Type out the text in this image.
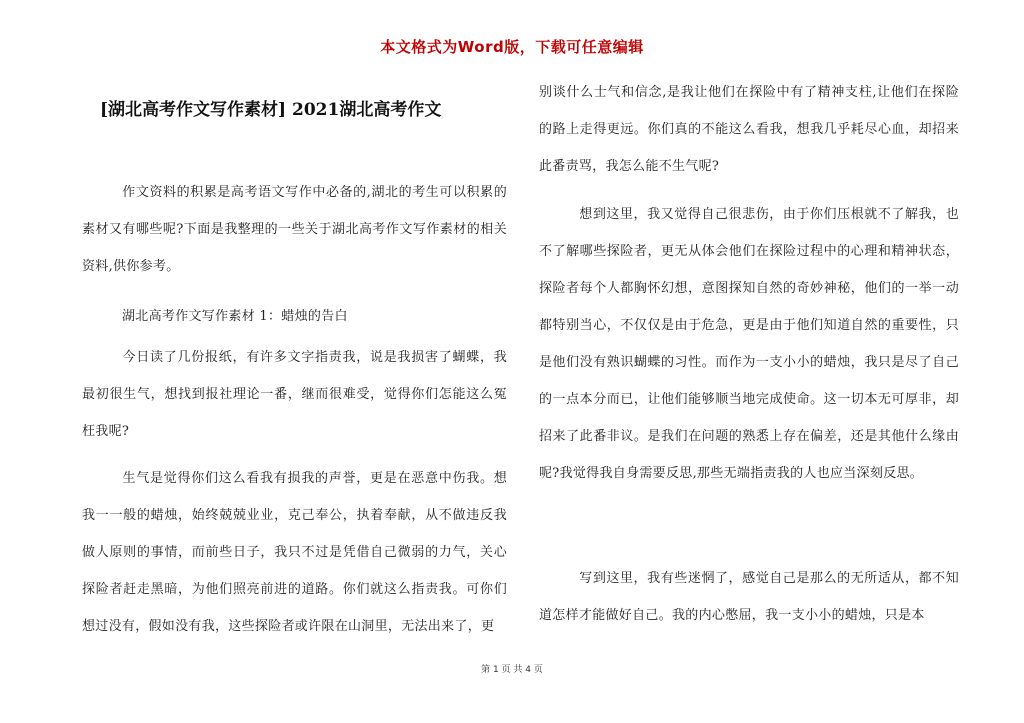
本文格式为Word版，下载可任意编辑
[湖北高考作文写作素材] 2021湖北高考作文
作文资料的积累是高考语文写作中必备的,湖北的考生可以积累的素材又有哪些呢?下面是我整理的一些关于湖北高考作文写作素材的相关资料,供你参考。
湖北高考作文写作素材 1：蜡烛的告白
今日读了几份报纸，有许多文字指责我，说是我损害了蝴蝶，我最初很生气，想找到报社理论一番，继而很难受，觉得你们怎能这么冤枉我呢?
生气是觉得你们这么看我有损我的声誉，更是在恶意中伤我。想我一一般的蜡烛，始终兢兢业业，克己奉公，执着奉献，从不做违反我做人原则的事情，而前些日子，我只不过是凭借自己微弱的力气，关心探险者赶走黑暗，为他们照亮前进的道路。你们就这么指责我。可你们想过没有，假如没有我，这些探险者或许限在山洞里，无法出来了，更
别谈什么士气和信念,是我让他们在探险中有了精神支柱,让他们在探险的路上走得更远。你们真的不能这么看我，想我几乎耗尽心血，却招来此番责骂，我怎么能不生气呢?
想到这里，我又觉得自己很悲伤，由于你们压根就不了解我，也不了解哪些探险者，更无从体会他们在探险过程中的心理和精神状态，探险者每个人都胸怀幻想，意图探知自然的奇妙神秘，他们的一举一动都特别当心，不仅仅是由于危急，更是由于他们知道自然的重要性，只是他们没有熟识蝴蝶的习性。而作为一支小小的蜡烛，我只是尽了自己的一点本分而已，让他们能够顺当地完成使命。这一切本无可厚非，却招来了此番非议。是我们在问题的熟悉上存在偏差，还是其他什么缘由呢?我觉得我自身需要反思,那些无端指责我的人也应当深刻反思。
写到这里，我有些迷惘了，感觉自己是那么的无所适从，都不知道怎样才能做好自己。我的内心憋屈，我一支小小的蜡烛，只是本
第 1 页 共 4 页
